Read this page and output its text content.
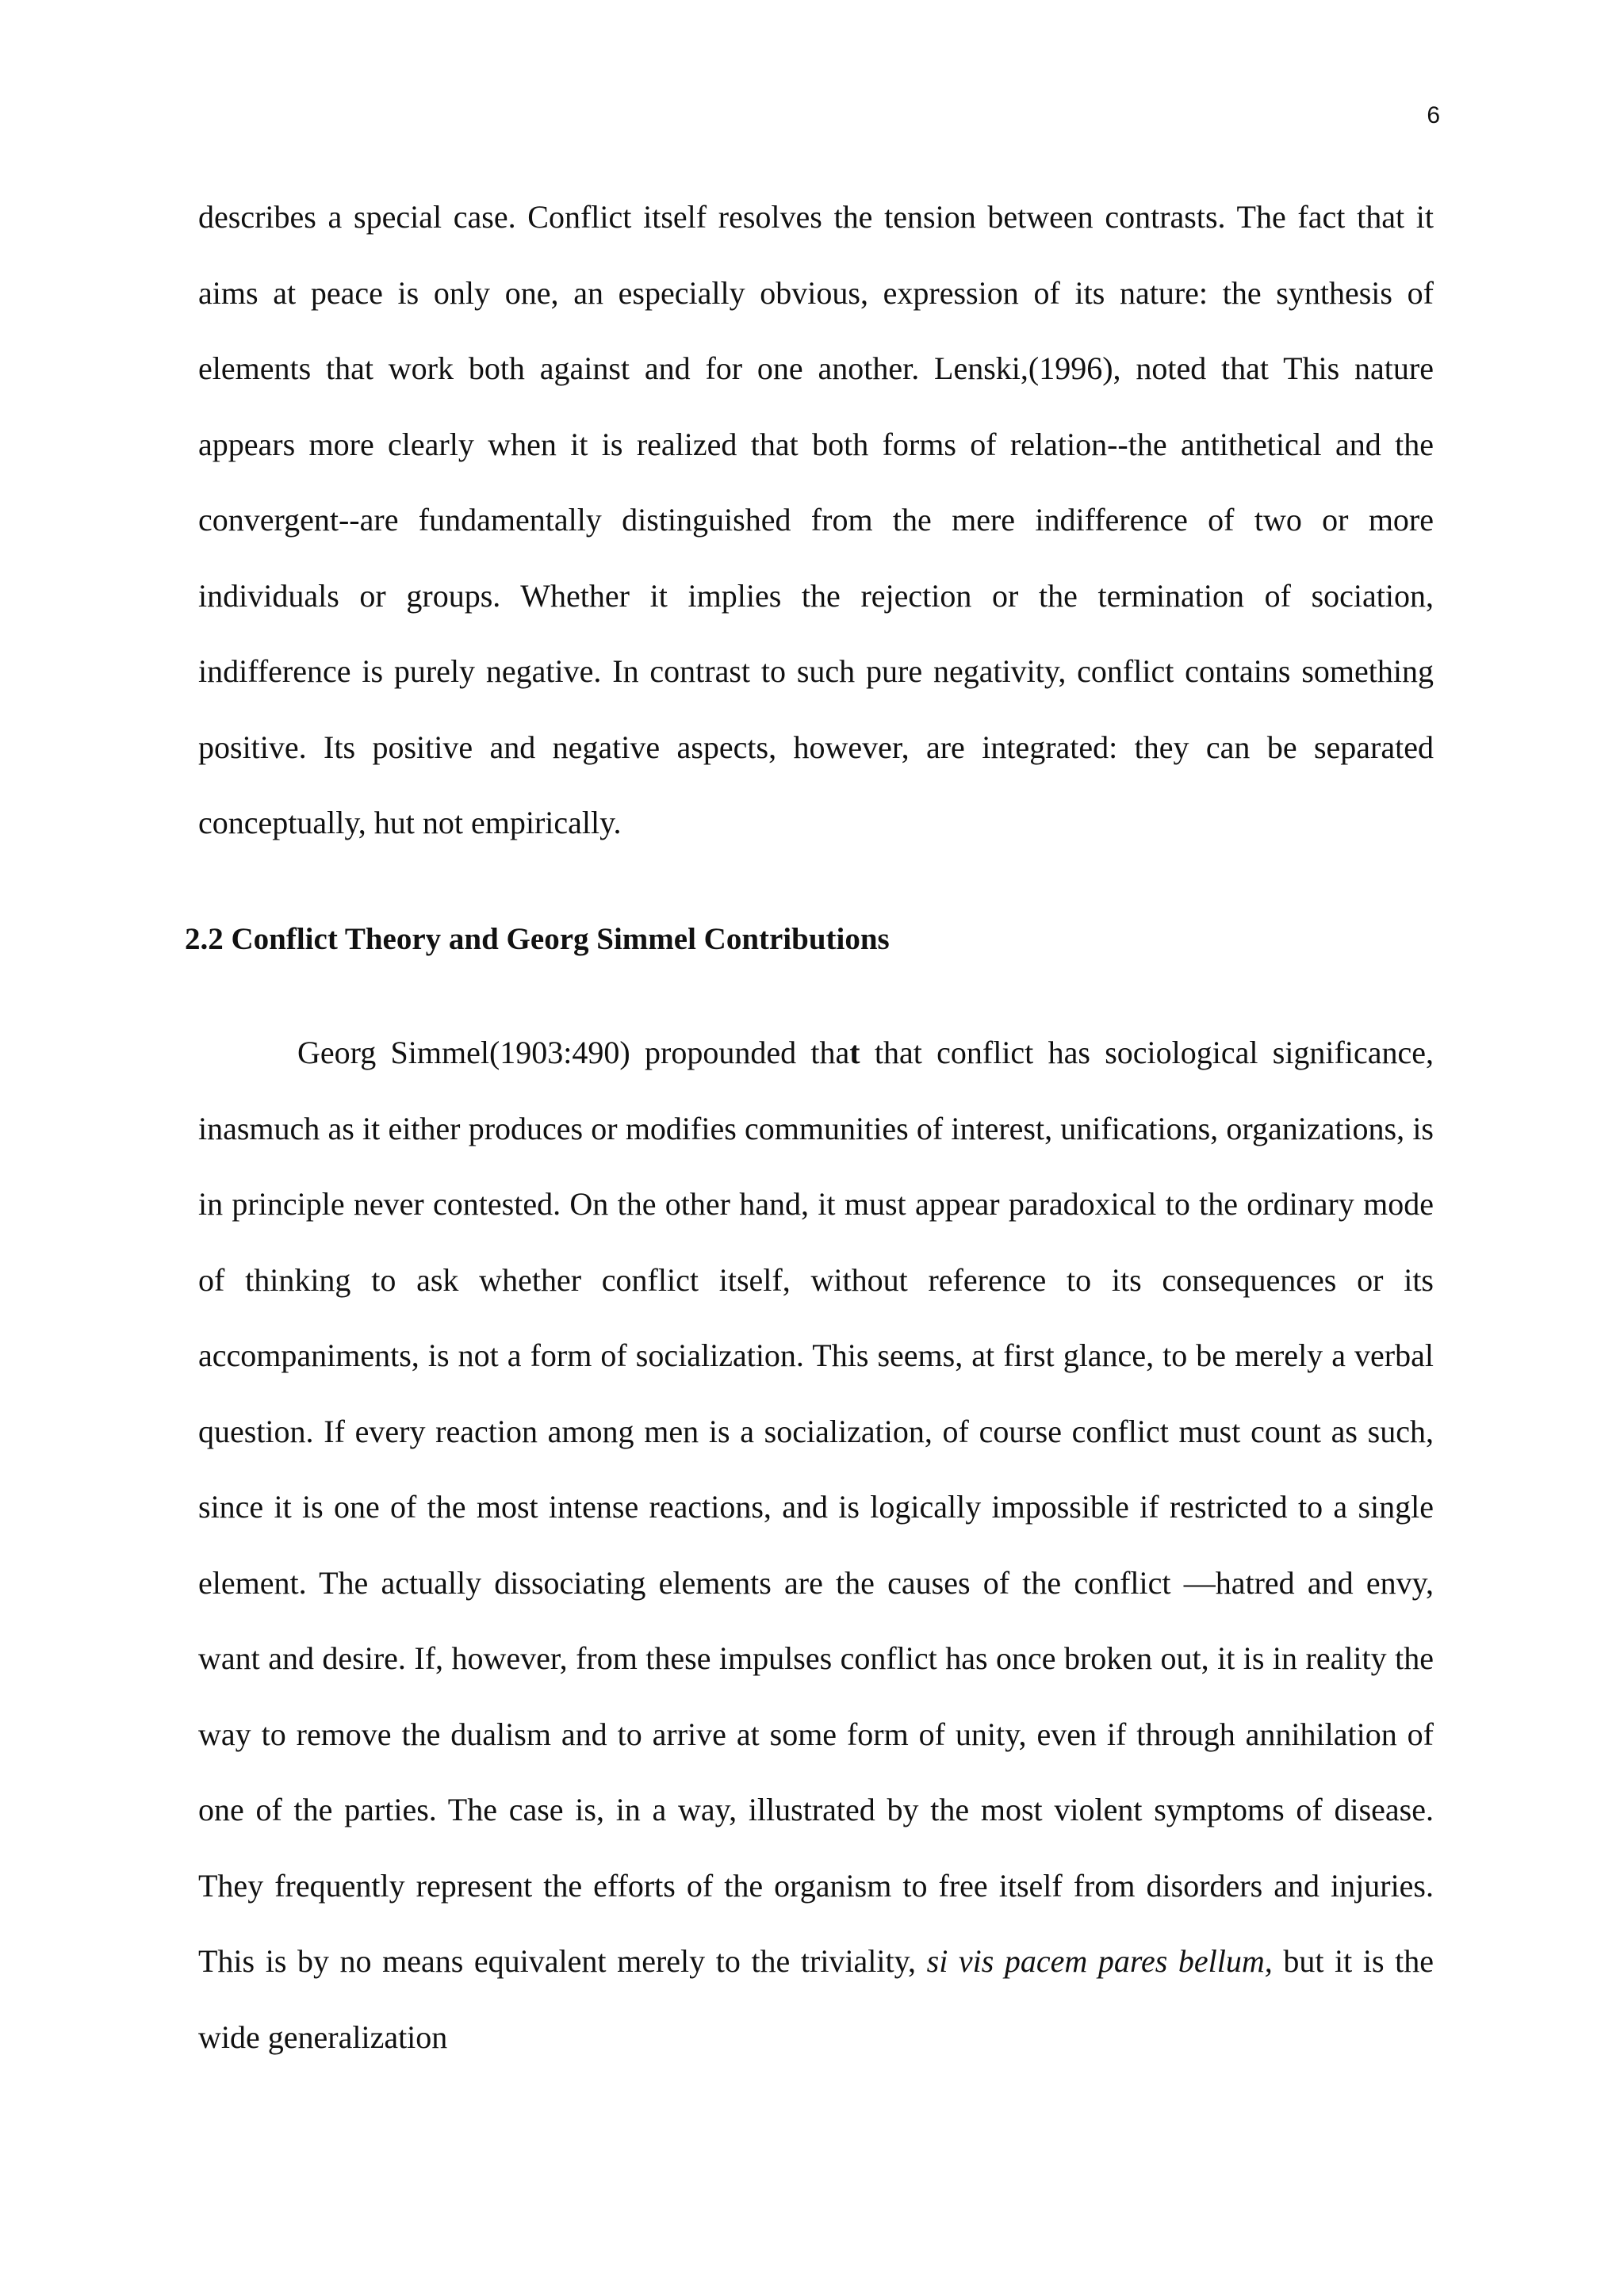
6

describes a special case. Conflict itself resolves the tension between contrasts. The fact that it aims at peace is only one, an especially obvious, expression of its nature: the synthesis of elements that work both against and for one another. Lenski,(1996), noted that This nature appears more clearly when it is realized that both forms of relation--the antithetical and the convergent--are fundamentally distinguished from the mere indifference of two or more individuals or groups. Whether it implies the rejection or the termination of sociation, indifference is purely negative. In contrast to such pure negativity, conflict contains something positive. Its positive and negative aspects, however, are integrated: they can be separated conceptually, hut not empirically.

2.2 Conflict Theory and Georg Simmel Contributions

Georg Simmel(1903:490) propounded that that conflict has sociological significance, inasmuch as it either produces or modifies communities of interest, unifications, organizations, is in principle never contested. On the other hand, it must appear paradoxical to the ordinary mode of thinking to ask whether conflict itself, without reference to its consequences or its accompaniments, is not a form of socialization. This seems, at first glance, to be merely a verbal question. If every reaction among men is a socialization, of course conflict must count as such, since it is one of the most intense reactions, and is logically impossible if restricted to a single element. The actually dissociating elements are the causes of the conflict —hatred and envy, want and desire. If, however, from these impulses conflict has once broken out, it is in reality the way to remove the dualism and to arrive at some form of unity, even if through annihilation of one of the parties. The case is, in a way, illustrated by the most violent symptoms of disease. They frequently represent the efforts of the organism to free itself from disorders and injuries. This is by no means equivalent merely to the triviality, si vis pacem pares bellum, but it is the wide generalization
